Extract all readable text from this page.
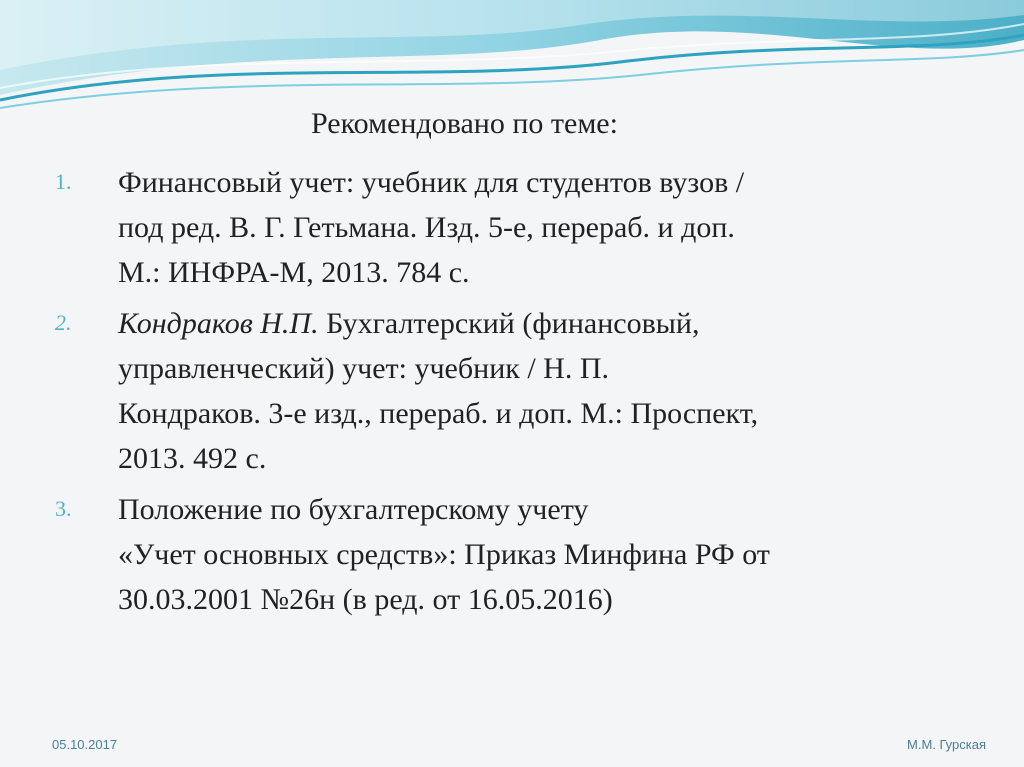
Рекомендовано по теме:
1. Финансовый учет: учебник для студентов вузов /
под ред. В. Г. Гетьмана. Изд. 5-е, перераб. и доп.
М.: ИНФРА-М, 2013. 784 с.
2. Кондраков Н.П. Бухгалтерский (финансовый,
управленческий) учет: учебник / Н. П.
Кондраков. 3-е изд., перераб. и доп. М.: Проспект,
2013. 492 с.
3. Положение по бухгалтерскому учету
«Учет основных средств»: Приказ Минфина РФ от
30.03.2001 №26н (в ред. от 16.05.2016)
05.10.2017	М.М. Гурская
